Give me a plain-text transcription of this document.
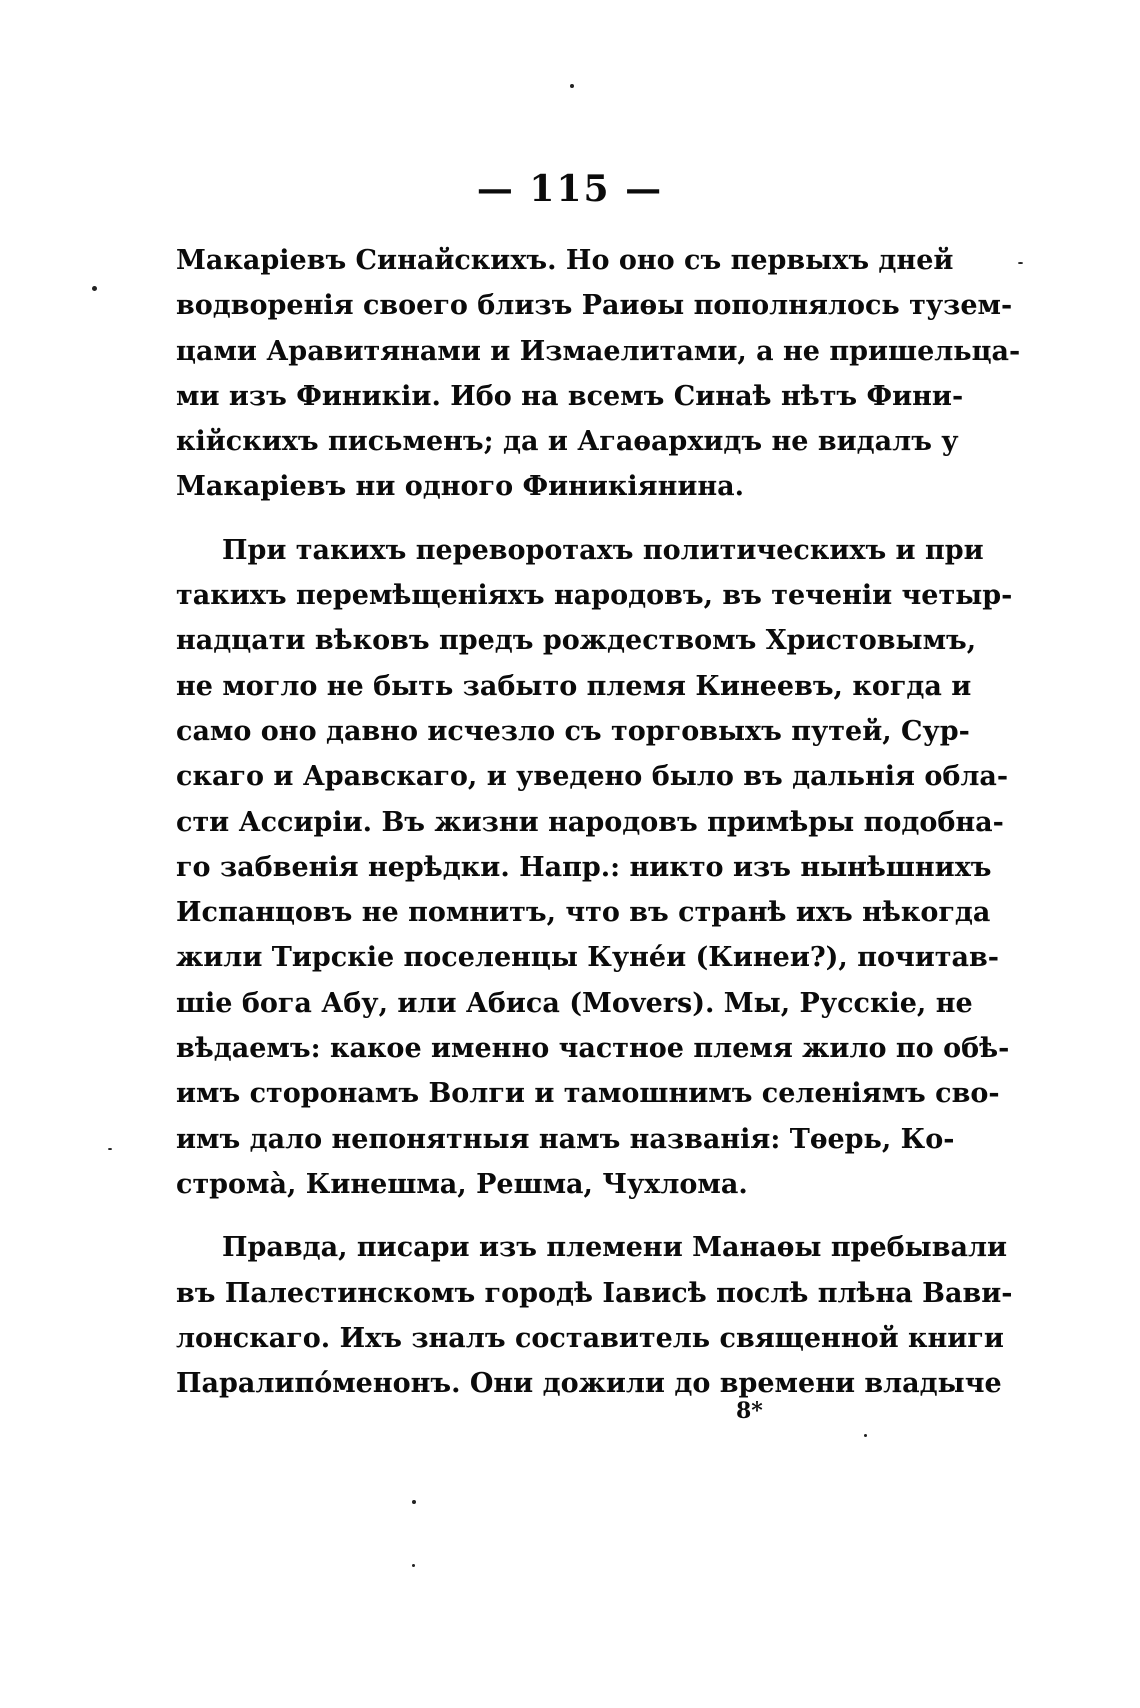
— 115 —
Макаріевъ Синайскихъ. Но оно съ первыхъ дней
водворенія своего близъ Раиѳы пополнялось тузем-
цами Аравитянами и Измаелитами, а не пришельца-
ми изъ Финикіи. Ибо на всемъ Синаѣ нѣтъ Фини-
кійскихъ письменъ; да и Агаѳархидъ не видалъ у
Макаріевъ ни одного Финикіянина.
При такихъ переворотахъ политическихъ и при
такихъ перемѣщеніяхъ народовъ, въ теченіи четыр-
надцати вѣковъ предъ рождествомъ Христовымъ,
не могло не быть забыто племя Кинеевъ, когда и
само оно давно исчезло съ торговыхъ путей, Сур-
скаго и Аравскаго, и уведено было въ дальнія обла-
сти Ассиріи. Въ жизни народовъ примѣры подобна-
го забвенія нерѣдки. Напр.: никто изъ нынѣшнихъ
Испанцовъ не помнитъ, что въ странѣ ихъ нѣкогда
жили Тирскіе поселенцы Кунéи (Кинеи?), почитав-
шіе бога Абу, или Абиса (Movers). Мы, Русскіе, не
вѣдаемъ: какое именно частное племя жило по обѣ-
имъ сторонамъ Волги и тамошнимъ селеніямъ сво-
имъ дало непонятныя намъ названія: Тѳерь, Ко-
строма̀, Кинешма, Решма, Чухлома.
Правда, писари изъ племени Манаѳы пребывали
въ Палестинскомъ городѣ Іависѣ послѣ плѣна Вави-
лонскаго. Ихъ зналъ составитель священной книги
Паралипóменонъ. Они дожили до времени владыче
8*
